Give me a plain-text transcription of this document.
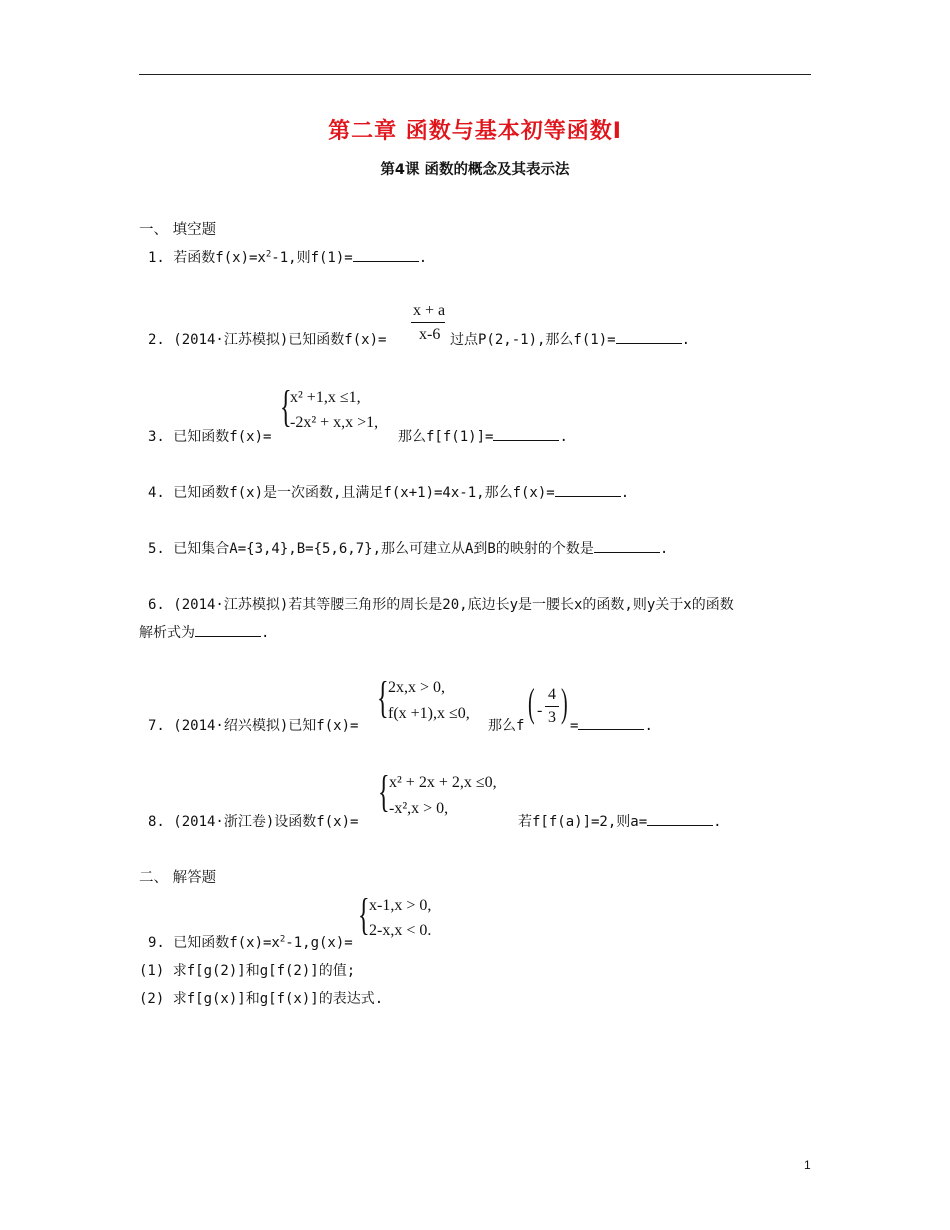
第二章 函数与基本初等函数Ⅰ
第4课 函数的概念及其表示法
一、 填空题
1. 若函数$f(x)=x^2-1$,则f(1)=	.
2. (2014·江苏模拟)已知函数f(x)=
x + a
x-6 过点P(2,-1),那么f(1)=	.
3. 已知函数f(x)=
{
x² +1,x ≤1,
-2x² + x,x >1,
那么f[f(1)]=	.
4. 已知函数f(x)是一次函数,且满足f(x+1)=4x-1,那么f(x)=	.
5. 已知集合A={3,4},B={5,6,7},那么可建立从A到B的映射的个数是	.
6. (2014·江苏模拟)若其等腰三角形的周长是20,底边长y是一腰长x的函数,则y关于x的函数
解析式为	.
7. (2014·绍兴模拟)已知f(x)=
{ 2x,x > 0,
f(x +1),x ≤0,
那么f
( -
4
3 )
=	.
8. (2014·浙江卷)设函数f(x)=
{ x² + 2x + 2,x ≤0,
-x²,x > 0,
若f[f(a)]=2,则a=	.
二、 解答题
9. 已知函数$f(x)=x^2-1,g(x)=$
{ x-1,x > 0,
2-x,x < 0.
(1) 求f[g(2)]和g[f(2)]的值;
(2) 求f[g(x)]和g[f(x)]的表达式.
1
